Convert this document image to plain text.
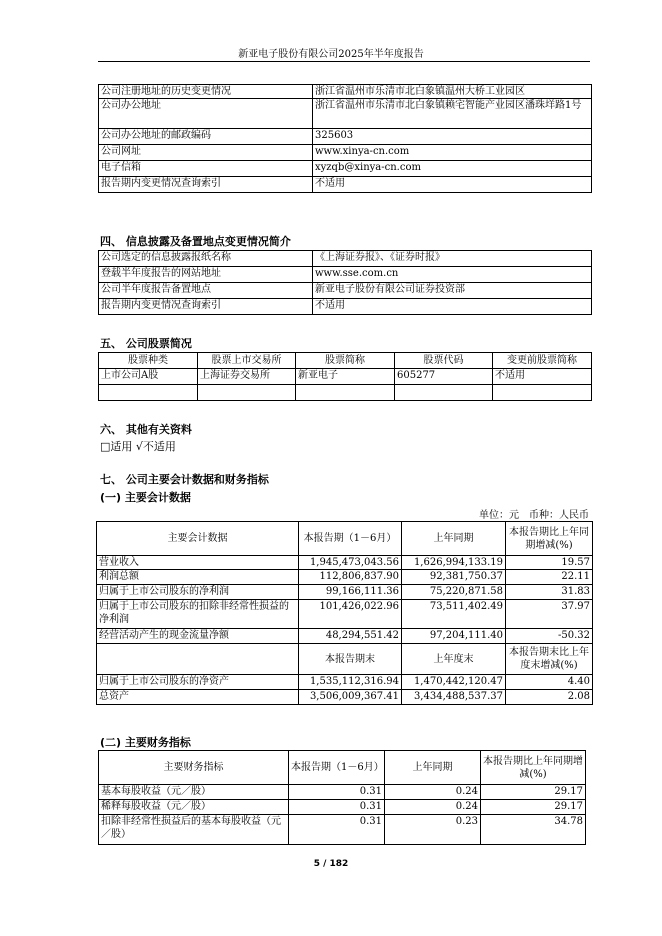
新亚电子股份有限公司2025年半年度报告
公司注册地址的历史变更情况	浙江省温州市乐清市北白象镇温州大桥工业园区
公司办公地址	浙江省温州市乐清市北白象镇赖宅智能产业园区潘珠垟路1号
公司办公地址的邮政编码	325603
公司网址	www.xinya-cn.com
电子信箱	xyzqb@xinya-cn.com
报告期内变更情况查询索引	不适用
四、 信息披露及备置地点变更情况简介
公司选定的信息披露报纸名称	《上海证券报》、《证券时报》
登载半年度报告的网站地址	www.sse.com.cn
公司半年度报告备置地点	新亚电子股份有限公司证券投资部
报告期内变更情况查询索引	不适用
五、 公司股票简况
股票种类	股票上市交易所	股票简称	股票代码	变更前股票简称
上市公司A股	上海证券交易所	新亚电子	605277	不适用

六、 其他有关资料
□适用 √不适用
七、 公司主要会计数据和财务指标
(一) 主要会计数据
单位：元　币种：人民币
主要会计数据	本报告期（1－6月）	上年同期	本报告期比上年同期增减(%)
营业收入	1,945,473,043.56	1,626,994,133.19	19.57
利润总额	112,806,837.90	92,381,750.37	22.11
归属于上市公司股东的净利润	99,166,111.36	75,220,871.58	31.83
归属于上市公司股东的扣除非经常性损益的净利润	101,426,022.96	73,511,402.49	37.97
经营活动产生的现金流量净额	48,294,551.42	97,204,111.40	-50.32
	本报告期末	上年度末	本报告期末比上年度末增减(%)
归属于上市公司股东的净资产	1,535,112,316.94	1,470,442,120.47	4.40
总资产	3,506,009,367.41	3,434,488,537.37	2.08
(二) 主要财务指标
主要财务指标	本报告期（1－6月）	上年同期	本报告期比上年同期增减(%)
基本每股收益（元／股）	0.31	0.24	29.17
稀释每股收益（元／股）	0.31	0.24	29.17
扣除非经常性损益后的基本每股收益（元／股）	0.31	0.23	34.78
5 / 182
